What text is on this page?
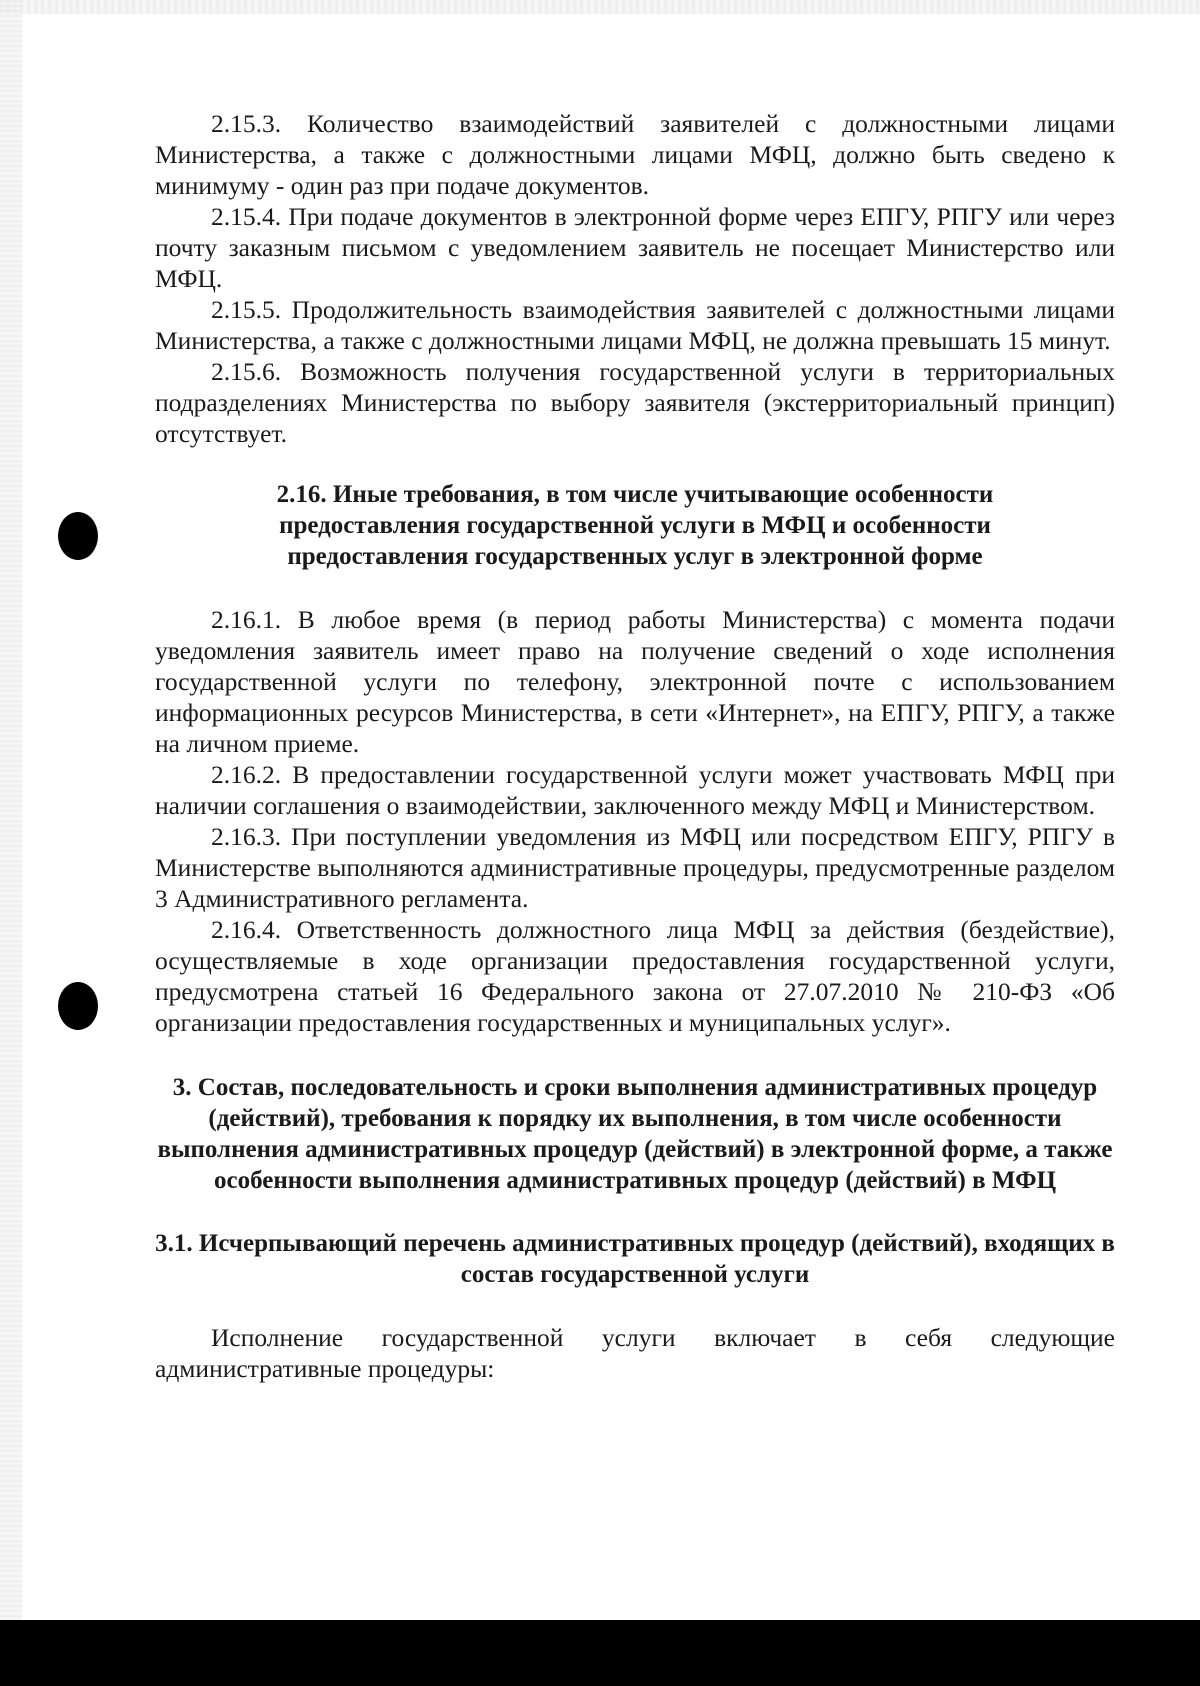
2.15.3. Количество взаимодействий заявителей с должностными лицами Министерства, а также с должностными лицами МФЦ, должно быть сведено к минимуму - один раз при подаче документов.

2.15.4. При подаче документов в электронной форме через ЕПГУ, РПГУ или через почту заказным письмом с уведомлением заявитель не посещает Министерство или МФЦ.

2.15.5. Продолжительность взаимодействия заявителей с должностными лицами Министерства, а также с должностными лицами МФЦ, не должна превышать 15 минут.

2.15.6. Возможность получения государственной услуги в территориальных подразделениях Министерства по выбору заявителя (экстерриториальный принцип) отсутствует.

2.16. Иные требования, в том числе учитывающие особенности предоставления государственной услуги в МФЦ и особенности предоставления государственных услуг в электронной форме

2.16.1. В любое время (в период работы Министерства) с момента подачи уведомления заявитель имеет право на получение сведений о ходе исполнения государственной услуги по телефону, электронной почте с использованием информационных ресурсов Министерства, в сети «Интернет», на ЕПГУ, РПГУ, а также на личном приеме.

2.16.2. В предоставлении государственной услуги может участвовать МФЦ при наличии соглашения о взаимодействии, заключенного между МФЦ и Министерством.

2.16.3. При поступлении уведомления из МФЦ или посредством ЕПГУ, РПГУ в Министерстве выполняются административные процедуры, предусмотренные разделом 3 Административного регламента.

2.16.4. Ответственность должностного лица МФЦ за действия (бездействие), осуществляемые в ходе организации предоставления государственной услуги, предусмотрена статьей 16 Федерального закона от 27.07.2010 № 210-ФЗ «Об организации предоставления государственных и муниципальных услуг».

3. Состав, последовательность и сроки выполнения административных процедур (действий), требования к порядку их выполнения, в том числе особенности выполнения административных процедур (действий) в электронной форме, а также особенности выполнения административных процедур (действий) в МФЦ

3.1. Исчерпывающий перечень административных процедур (действий), входящих в состав государственной услуги

Исполнение государственной услуги включает в себя следующие административные процедуры:
